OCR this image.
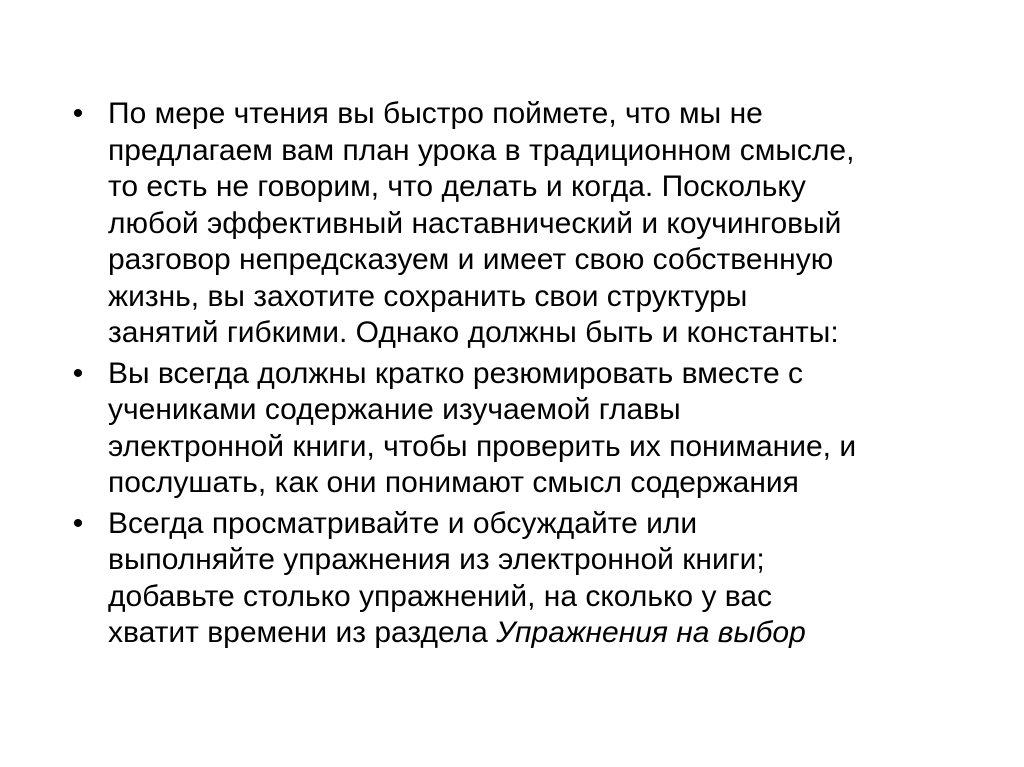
• По мере чтения вы быстро поймете, что мы не
предлагаем вам план урока в традиционном смысле,
то есть не говорим, что делать и когда. Поскольку
любой эффективный наставнический и коучинговый
разговор непредсказуем и имеет свою собственную
жизнь, вы захотите сохранить свои структуры
занятий гибкими. Однако должны быть и константы:
• Вы всегда должны кратко резюмировать вместе с
учениками содержание изучаемой главы
электронной книги, чтобы проверить их понимание, и
послушать, как они понимают смысл содержания
• Всегда просматривайте и обсуждайте или
выполняйте упражнения из электронной книги;
добавьте столько упражнений, на сколько у вас
хватит времени из раздела Упражнения на выбор
